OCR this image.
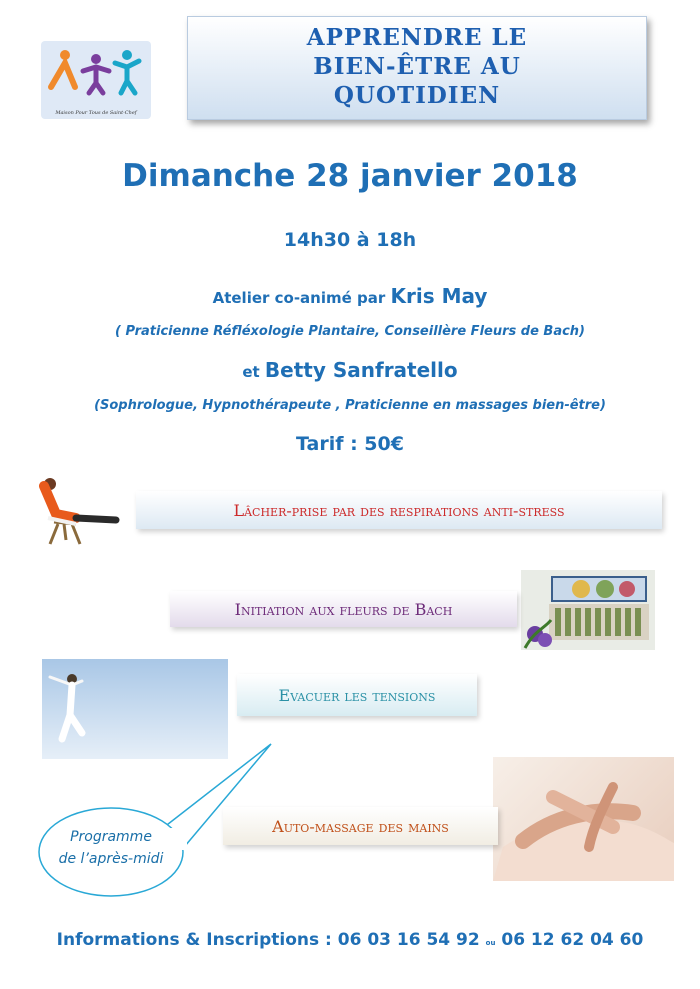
Maison Pour Tous de Saint-Chef
APPRENDRE LE
BIEN-ÊTRE AU
QUOTIDIEN
Dimanche 28 janvier 2018
14h30 à 18h
Atelier co-animé par Kris May
( Praticienne Réfléxologie Plantaire, Conseillère Fleurs de Bach)
et Betty Sanfratello
(Sophrologue, Hypnothérapeute , Praticienne en massages bien-être)
Tarif : 50€
Lâcher-prise par des respirations anti-stress
Initiation aux fleurs de Bach
Evacuer les tensions
Auto-massage des mains
Programme
de l’après-midi
Informations & Inscriptions : 06 03 16 54 92 ou 06 12 62 04 60
